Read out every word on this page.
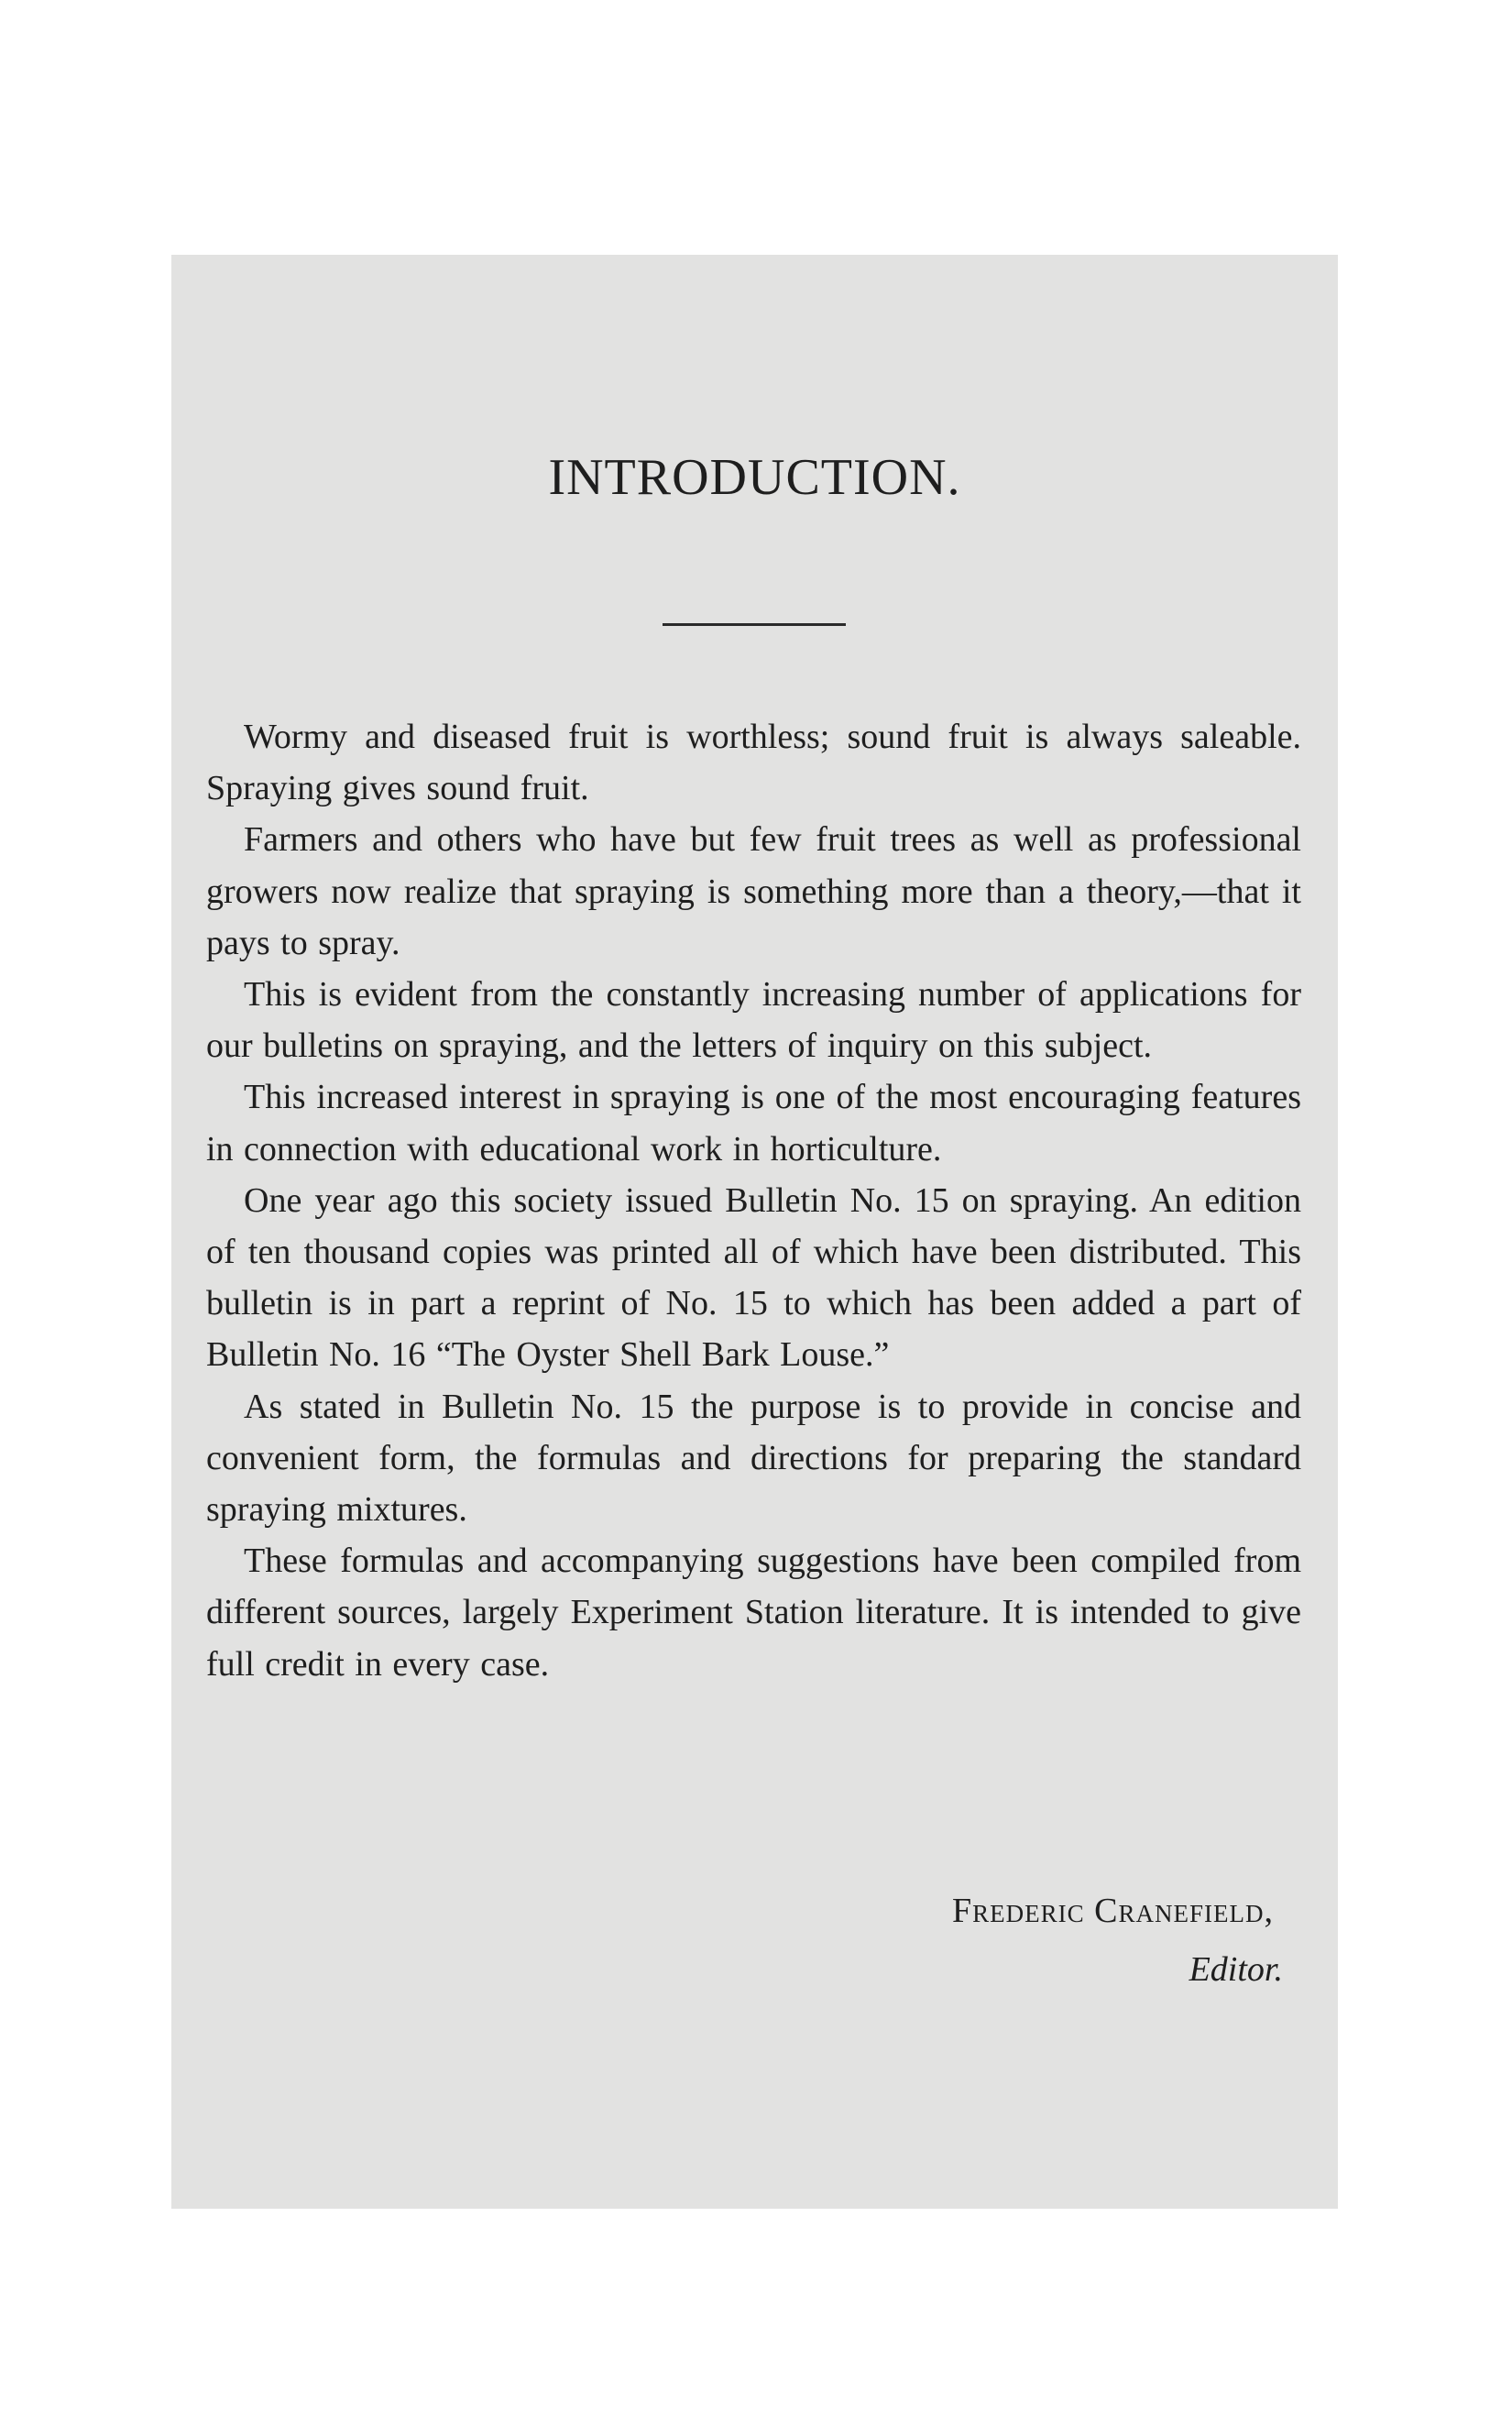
INTRODUCTION.

Wormy and diseased fruit is worthless; sound fruit is always saleable. Spraying gives sound fruit.

Farmers and others who have but few fruit trees as well as professional growers now realize that spraying is something more than a theory,—that it pays to spray.

This is evident from the constantly increasing number of applications for our bulletins on spraying, and the letters of inquiry on this subject.

This increased interest in spraying is one of the most encouraging features in connection with educational work in horticulture.

One year ago this society issued Bulletin No. 15 on spraying. An edition of ten thousand copies was printed all of which have been distributed. This bulletin is in part a reprint of No. 15 to which has been added a part of Bulletin No. 16 “The Oyster Shell Bark Louse.”

As stated in Bulletin No. 15 the purpose is to provide in concise and convenient form, the formulas and directions for preparing the standard spraying mixtures.

These formulas and accompanying suggestions have been compiled from different sources, largely Experiment Station literature. It is intended to give full credit in every case.

Frederic Cranefield,
Editor.
